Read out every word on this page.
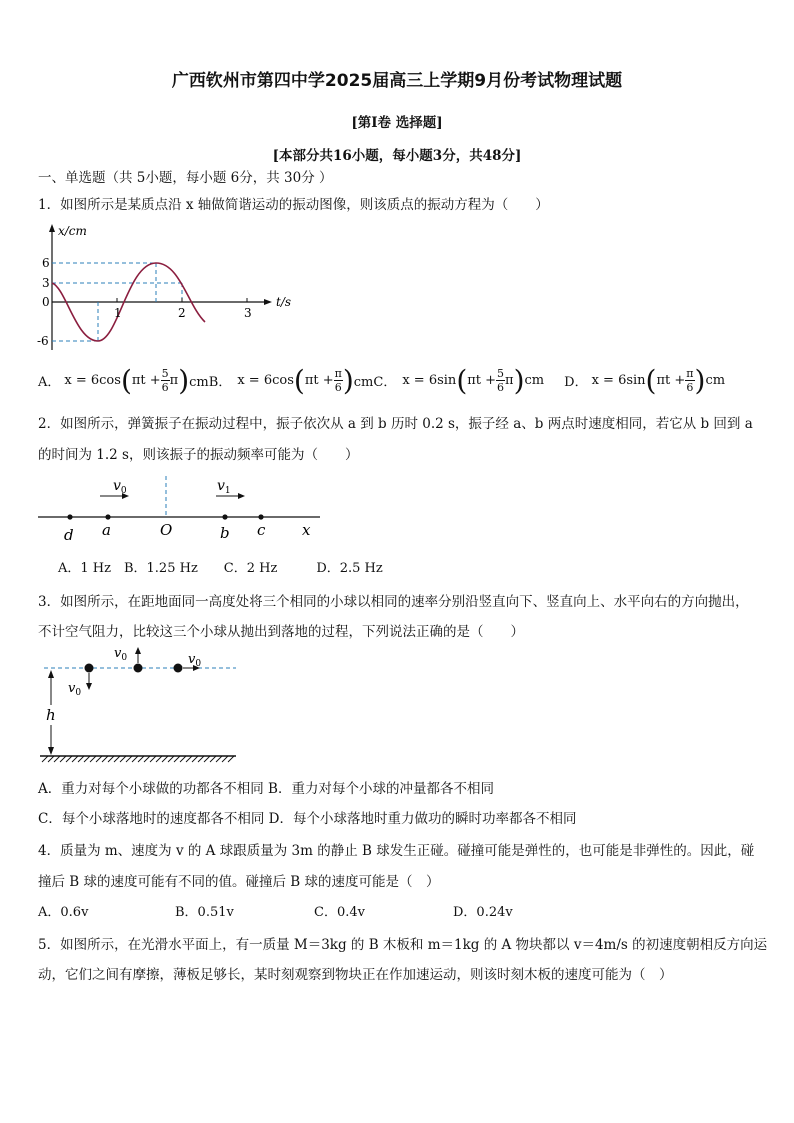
广西钦州市第四中学2025届高三上学期9月份考试物理试题
[第Ⅰ卷 选择题]
[本部分共16小题，每小题3分，共48分]
一、单选题（共 5小题，每小题 6分，共 30分 ）
1．如图所示是某质点沿 x 轴做简谐运动的振动图像，则该质点的振动方程为（　　）
x/cm
t/s
6
3
0
-6
1	2	3
A． x = 6cos ( $\pi t + \frac{5}{6}$ π ) cmB． x = 6cos ( $\pi t + \frac{\pi}{6}$ ) cmC． x = 6sin ( $\pi t + \frac{5}{6}$ π ) cm D． x = 6sin ( $\pi t + \frac{\pi}{6}$ ) cm
2．如图所示，弹簧振子在振动过程中，振子依次从 a 到 b 历时 0.2 s，振子经 a、b 两点时速度相同，若它从 b 回到 a
的时间为 1.2 s，则该振子的振动频率可能为（　　）
$v_0$	$v_1$
d a	O	b c x
A．1 Hz　B．1.25 Hz　　C．2 Hz　　　D．2.5 Hz
3．如图所示，在距地面同一高度处将三个相同的小球以相同的速率分别沿竖直向下、竖直向上、水平向右的方向抛出，
不计空气阻力，比较这三个小球从抛出到落地的过程，下列说法正确的是（　　）
h
$v_0$
$v_0$	$v_0$
A．重力对每个小球做的功都各不相同 B．重力对每个小球的冲量都各不相同
C．每个小球落地时的速度都各不相同 D．每个小球落地时重力做功的瞬时功率都各不相同
4．质量为 m、速度为 v 的 A 球跟质量为 3m 的静止 B 球发生正碰。碰撞可能是弹性的，也可能是非弹性的。因此，碰
撞后 B 球的速度可能有不同的值。碰撞后 B 球的速度可能是（　）
A．0.6v	B．0.51v	C．0.4v	D．0.24v
5．如图所示，在光滑水平面上，有一质量 M＝3kg 的 B 木板和 m＝1kg 的 A 物块都以 v＝4m/s 的初速度朝相反方向运
动，它们之间有摩擦，薄板足够长，某时刻观察到物块正在作加速运动，则该时刻木板的速度可能为（　）
